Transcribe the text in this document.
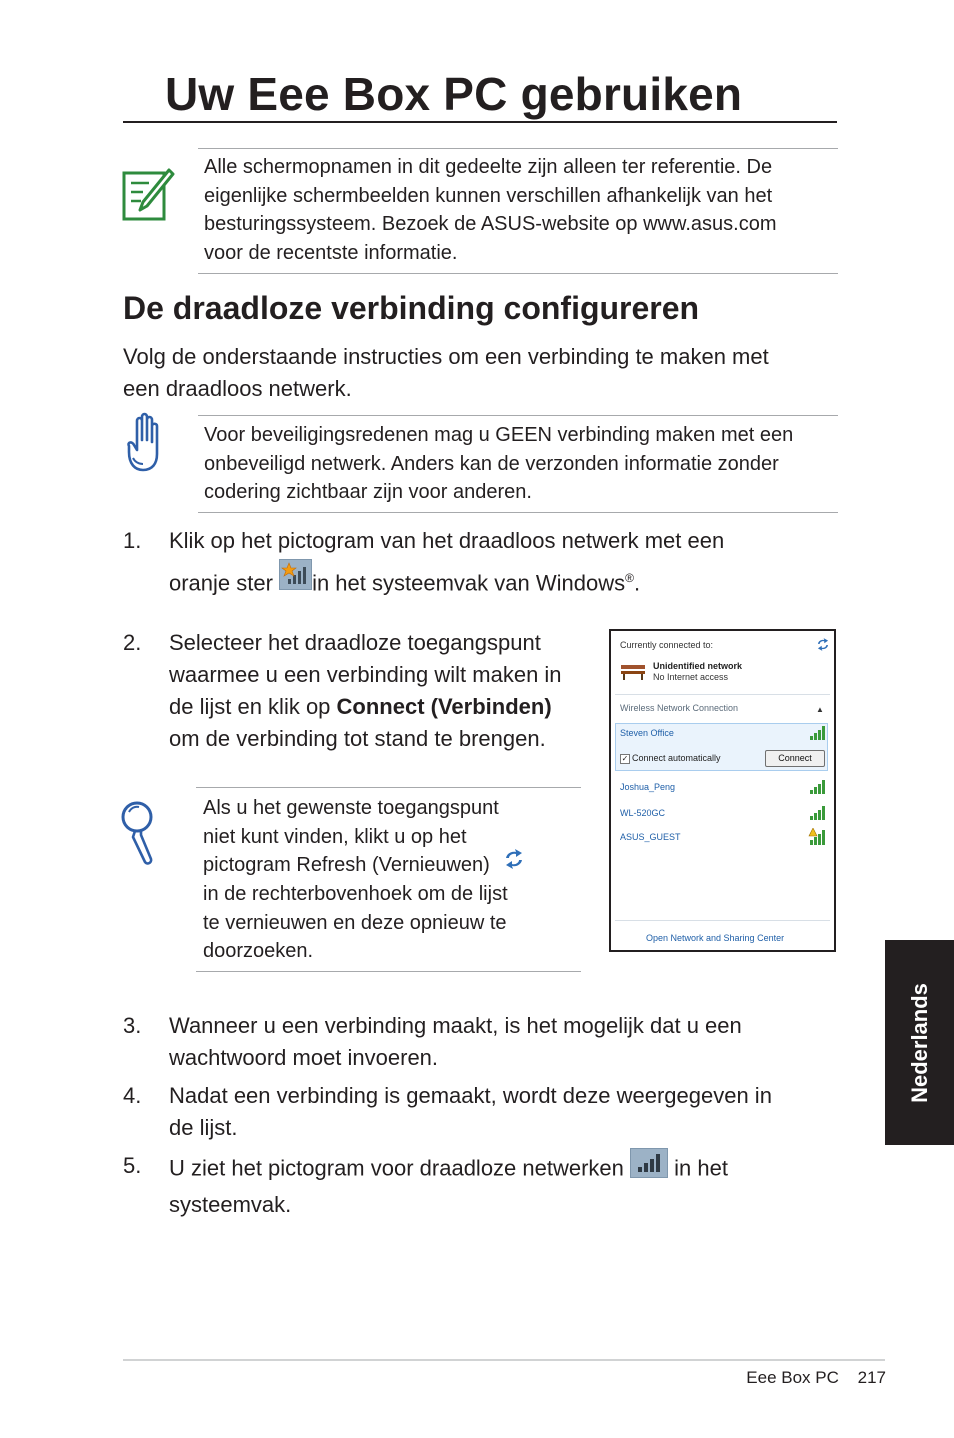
Uw Eee Box PC gebruiken
Alle schermopnamen in dit gedeelte zijn alleen ter referentie. De
eigenlijke schermbeelden kunnen verschillen afhankelijk van het
besturingssysteem. Bezoek de ASUS-website op www.asus.com
voor de recentste informatie.
De draadloze verbinding configureren
Volg de onderstaande instructies om een verbinding te maken met
een draadloos netwerk.
Voor beveiligingsredenen mag u GEEN verbinding maken met een
onbeveiligd netwerk. Anders kan de verzonden informatie zonder
codering zichtbaar zijn voor anderen.
1. Klik op het pictogram van het draadloos netwerk met een
oranje ster in het systeemvak van Windows®.
2. Selecteer het draadloze toegangspunt
waarmee u een verbinding wilt maken in
de lijst en klik op Connect (Verbinden)
om de verbinding tot stand te brengen.
Als u het gewenste toegangspunt
niet kunt vinden, klikt u op het
pictogram Refresh (Vernieuwen)
in de rechterbovenhoek om de lijst
te vernieuwen en deze opnieuw te
doorzoeken.
Currently connected to:
Unidentified network
No Internet access
Wireless Network Connection	▲
Steven Office
✓ Connect automatically	Connect
Joshua_Peng
WL-520GC
ASUS_GUEST
Open Network and Sharing Center
3. Wanneer u een verbinding maakt, is het mogelijk dat u een
wachtwoord moet invoeren.
4. Nadat een verbinding is gemaakt, wordt deze weergegeven in
de lijst.
5. U ziet het pictogram voor draadloze netwerken  in het
systeemvak.
Nederlands
Eee Box PC 217
